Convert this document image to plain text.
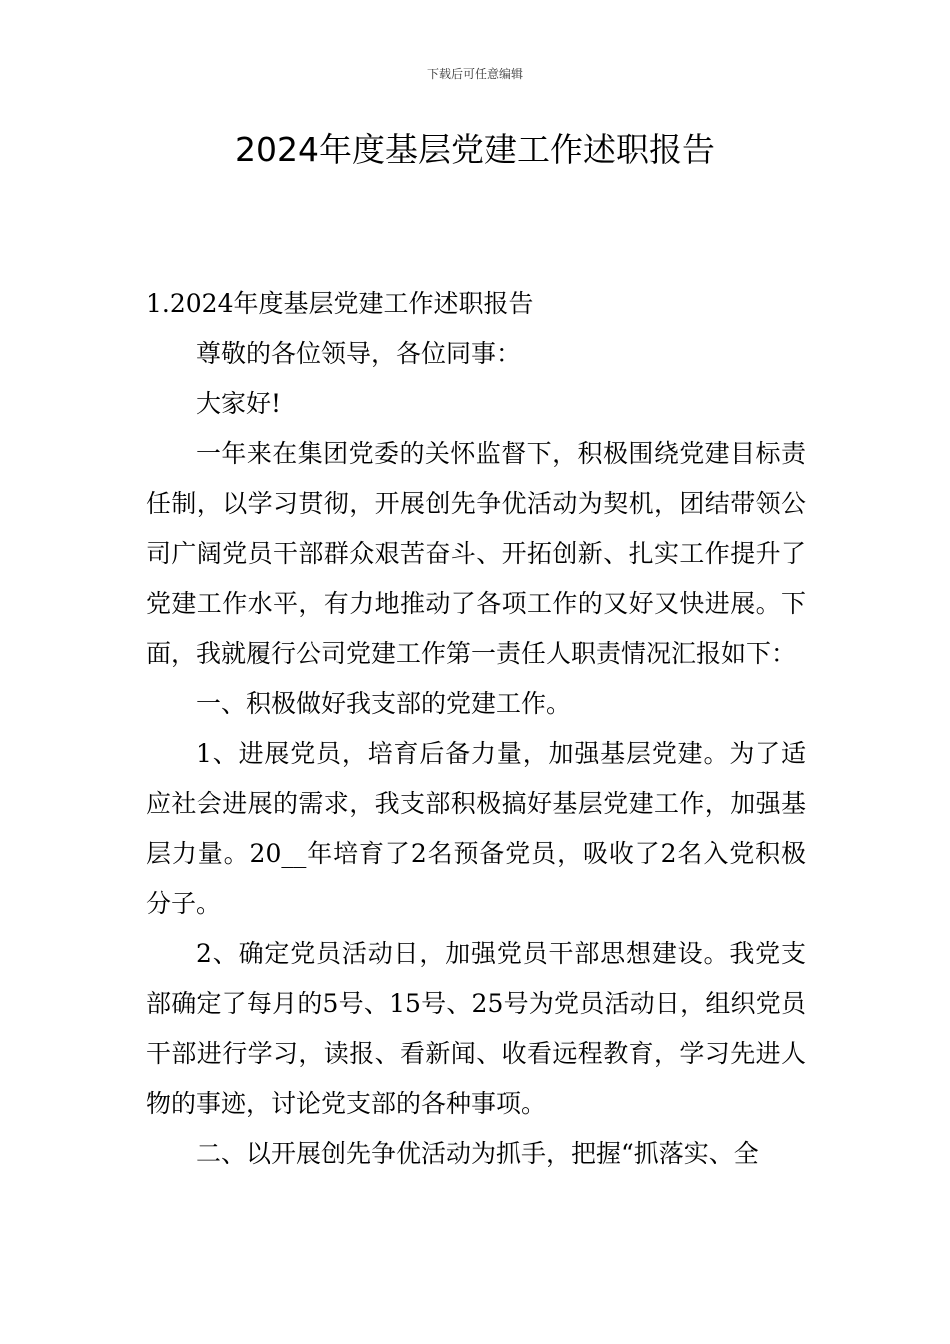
下载后可任意编辑
2024年度基层党建工作述职报告

1.2024年度基层党建工作述职报告

尊敬的各位领导，各位同事：

大家好!

一年来在集团党委的关怀监督下，积极围绕党建目标责任制，以学习贯彻，开展创先争优活动为契机，团结带领公司广阔党员干部群众艰苦奋斗、开拓创新、扎实工作提升了党建工作水平，有力地推动了各项工作的又好又快进展。下面，我就履行公司党建工作第一责任人职责情况汇报如下：

一、积极做好我支部的党建工作。

1、进展党员，培育后备力量，加强基层党建。为了适应社会进展的需求，我支部积极搞好基层党建工作，加强基层力量。20__年培育了2名预备党员，吸收了2名入党积极分子。

2、确定党员活动日，加强党员干部思想建设。我党支部确定了每月的5号、15号、25号为党员活动日，组织党员干部进行学习，读报、看新闻、收看远程教育，学习先进人物的事迹，讨论党支部的各种事项。

二、以开展创先争优活动为抓手，把握“抓落实、全
